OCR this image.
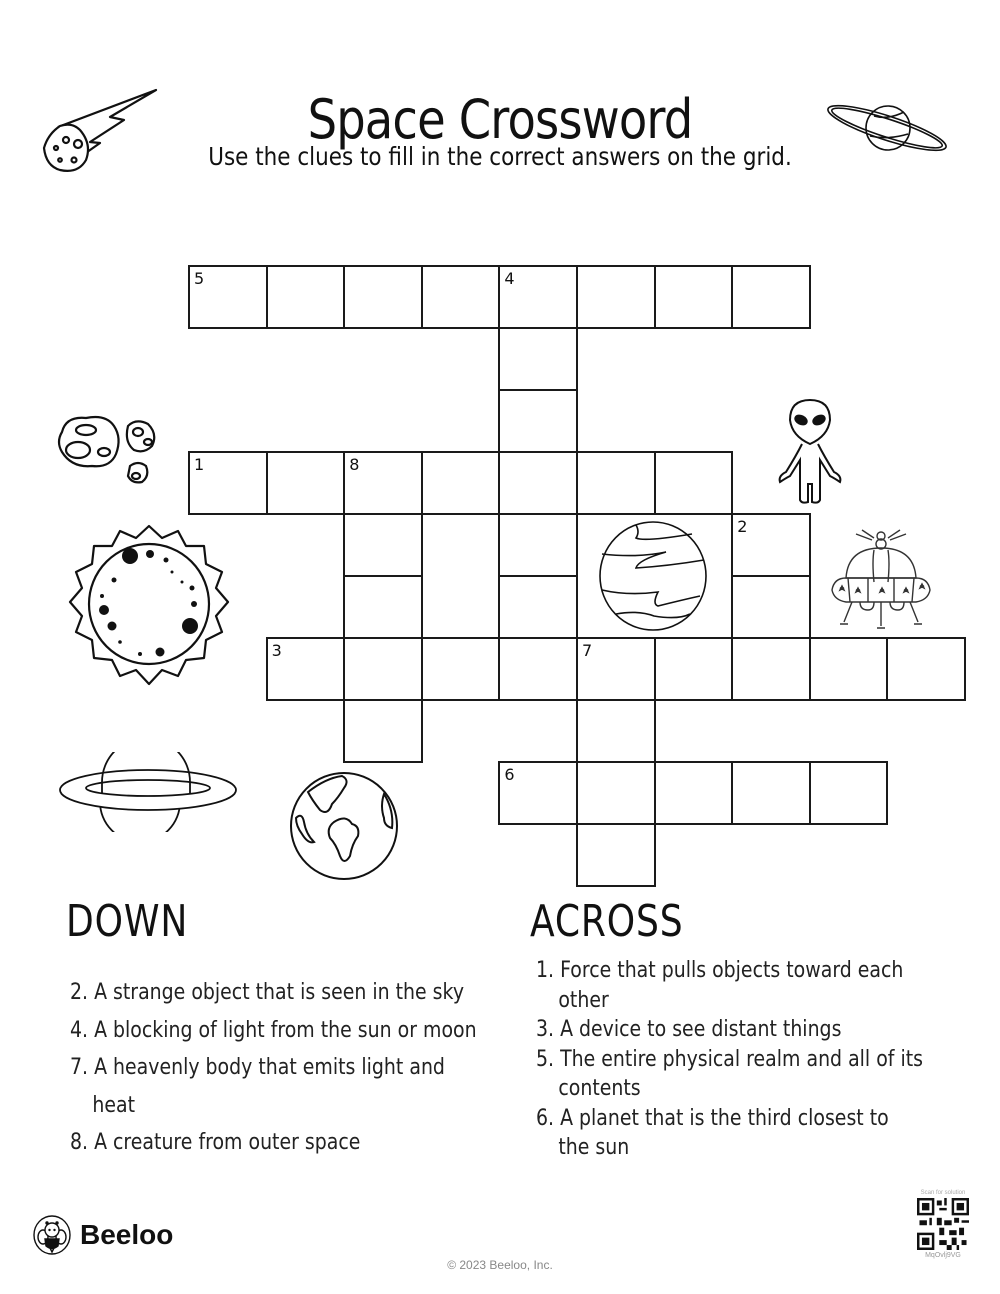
Space Crossword
Use the clues to fill in the correct answers on the grid.
5	4
1	8
2
3	7
6
DOWN
2. A strange object that is seen in the sky
4. A blocking of light from the sun or moon
7. A heavenly body that emits light and
heat
8. A creature from outer space
ACROSS
1. Force that pulls objects toward each
other
3. A device to see distant things
5. The entire physical realm and all of its
contents
6. A planet that is the third closest to
the sun
Beeloo
© 2023 Beeloo, Inc.
Scan for solution
MqOvlj9VG
